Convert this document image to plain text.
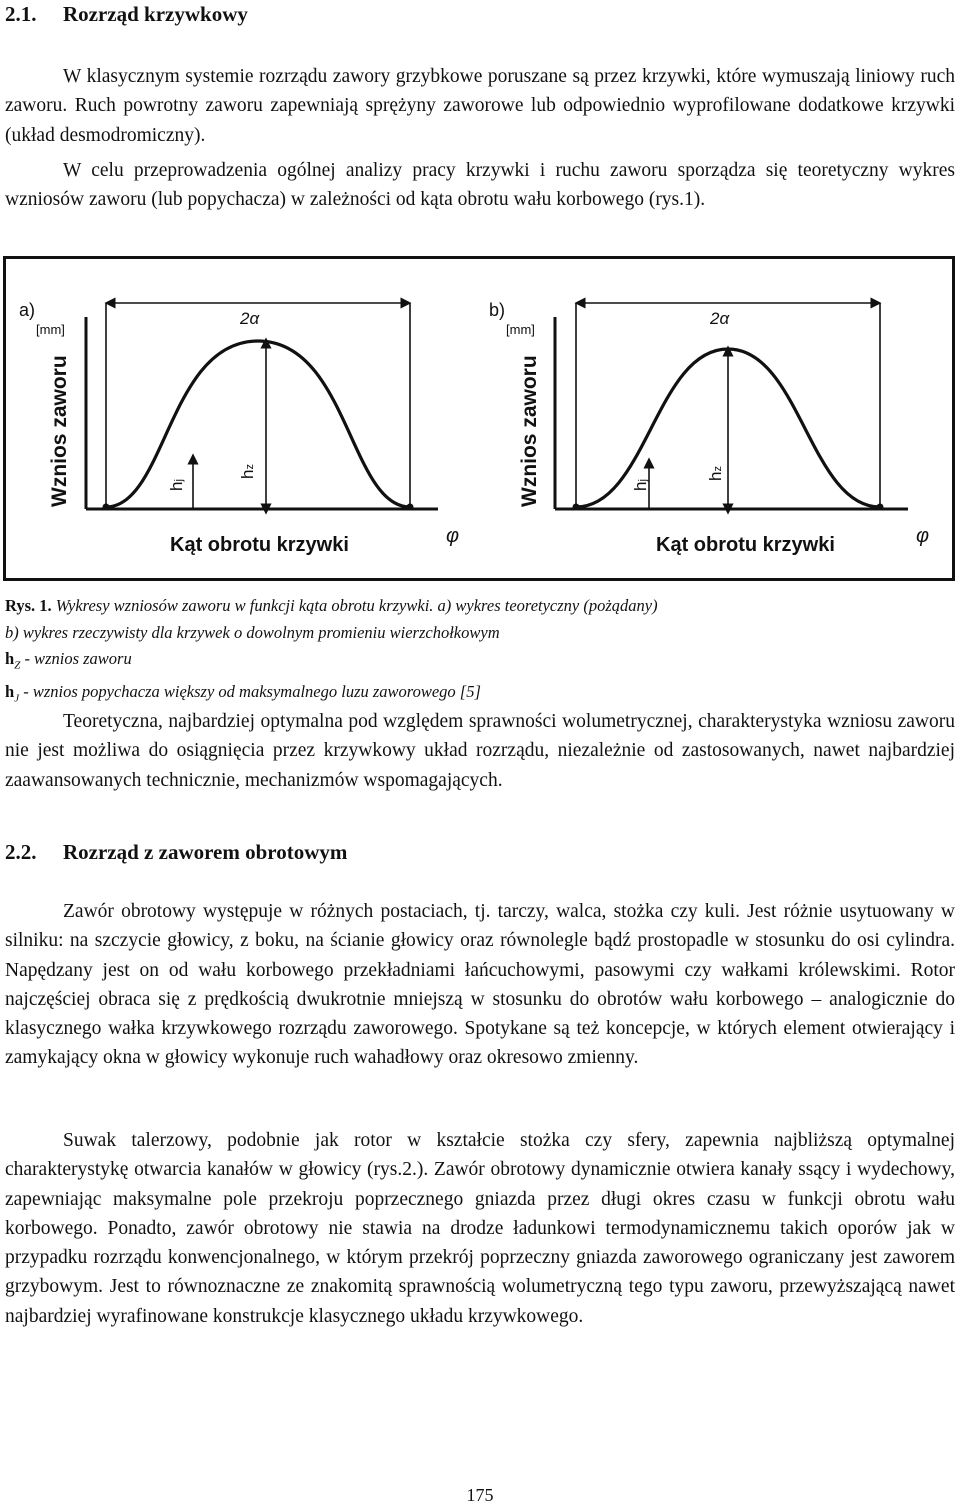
2.1. Rozrząd krzywkowy

W klasycznym systemie rozrządu zawory grzybkowe poruszane są przez krzywki, które wymuszają liniowy ruch zaworu. Ruch powrotny zaworu zapewniają sprężyny zaworowe lub odpowiednio wyprofilowane dodatkowe krzywki (układ desmodromiczny).

W celu przeprowadzenia ogólnej analizy pracy krzywki i ruchu zaworu sporządza się teoretyczny wykres wzniosów zaworu (lub popychacza) w zależności od kąta obrotu wału korbowego (rys.1).

a)
[mm]
2α
hj
hz
Wznios zaworu
Kąt obrotu krzywki	φ
b)
[mm]
2α
hj	hz
Wznios zaworu
Kąt obrotu krzywki	φ
Rys. 1. Wykresy wzniosów zaworu w funkcji kąta obrotu krzywki. a) wykres teoretyczny (pożądany)
b) wykres rzeczywisty dla krzywek o dowolnym promieniu wierzchołkowym
$h_Z$ - wznios zaworu
$h_J$ - wznios popychacza większy od maksymalnego luzu zaworowego [5]

Teoretyczna, najbardziej optymalna pod względem sprawności wolumetrycznej, charakterystyka wzniosu zaworu nie jest możliwa do osiągnięcia przez krzywkowy układ rozrządu, niezależnie od zastosowanych, nawet najbardziej zaawansowanych technicznie, mechanizmów wspomagających.

2.2. Rozrząd z zaworem obrotowym

Zawór obrotowy występuje w różnych postaciach, tj. tarczy, walca, stożka czy kuli. Jest różnie usytuowany w silniku: na szczycie głowicy, z boku, na ścianie głowicy oraz równolegle bądź prostopadle w stosunku do osi cylindra. Napędzany jest on od wału korbowego przekładniami łańcuchowymi, pasowymi czy wałkami królewskimi. Rotor najczęściej obraca się z prędkością dwukrotnie mniejszą w stosunku do obrotów wału korbowego – analogicznie do klasycznego wałka krzywkowego rozrządu zaworowego. Spotykane są też koncepcje, w których element otwierający i zamykający okna w głowicy wykonuje ruch wahadłowy oraz okresowo zmienny.

Suwak talerzowy, podobnie jak rotor w kształcie stożka czy sfery, zapewnia najbliższą optymalnej charakterystykę otwarcia kanałów w głowicy (rys.2.). Zawór obrotowy dynamicznie otwiera kanały ssący i wydechowy, zapewniając maksymalne pole przekroju poprzecznego gniazda przez długi okres czasu w funkcji obrotu wału korbowego. Ponadto, zawór obrotowy nie stawia na drodze ładunkowi termodynamicznemu takich oporów jak w przypadku rozrządu konwencjonalnego, w którym przekrój poprzeczny gniazda zaworowego ograniczany jest zaworem grzybowym. Jest to równoznaczne ze znakomitą sprawnością wolumetryczną tego typu zaworu, przewyższającą nawet najbardziej wyrafinowane konstrukcje klasycznego układu krzywkowego.

175
